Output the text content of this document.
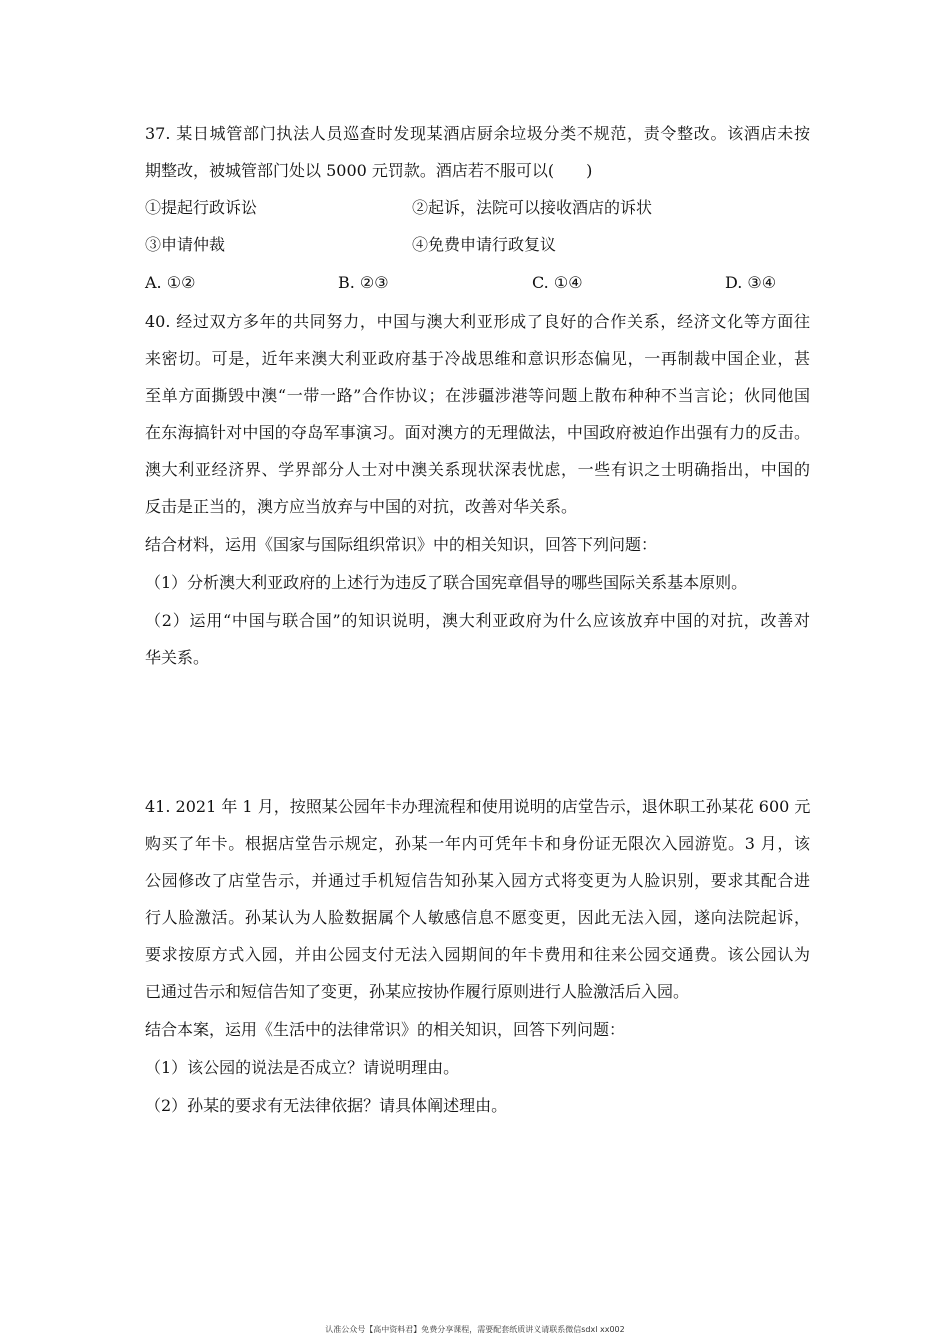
37. 某日城管部门执法人员巡查时发现某酒店厨余垃圾分类不规范，责令整改。该酒店未按
期整改，被城管部门处以 5000 元罚款。酒店若不服可以(　　)
①提起行政诉讼	②起诉，法院可以接收酒店的诉状
③申请仲裁	④免费申请行政复议
A. ①②	B. ②③	C. ①④	D. ③④
40. 经过双方多年的共同努力，中国与澳大利亚形成了良好的合作关系，经济文化等方面往
来密切。可是，近年来澳大利亚政府基于冷战思维和意识形态偏见，一再制裁中国企业，甚
至单方面撕毁中澳“一带一路”合作协议；在涉疆涉港等问题上散布种种不当言论；伙同他国
在东海搞针对中国的夺岛军事演习。面对澳方的无理做法，中国政府被迫作出强有力的反击。
澳大利亚经济界、学界部分人士对中澳关系现状深表忧虑，一些有识之士明确指出，中国的
反击是正当的，澳方应当放弃与中国的对抗，改善对华关系。
结合材料，运用《国家与国际组织常识》中的相关知识，回答下列问题：
（1）分析澳大利亚政府的上述行为违反了联合国宪章倡导的哪些国际关系基本原则。
（2）运用“中国与联合国”的知识说明，澳大利亚政府为什么应该放弃中国的对抗，改善对
华关系。
41. 2021 年 1 月，按照某公园年卡办理流程和使用说明的店堂告示，退休职工孙某花 600 元
购买了年卡。根据店堂告示规定，孙某一年内可凭年卡和身份证无限次入园游览。3 月，该
公园修改了店堂告示，并通过手机短信告知孙某入园方式将变更为人脸识别，要求其配合进
行人脸激活。孙某认为人脸数据属个人敏感信息不愿变更，因此无法入园，遂向法院起诉，
要求按原方式入园，并由公园支付无法入园期间的年卡费用和往来公园交通费。该公园认为
已通过告示和短信告知了变更，孙某应按协作履行原则进行人脸激活后入园。
结合本案，运用《生活中的法律常识》的相关知识，回答下列问题：
（1）该公园的说法是否成立？请说明理由。
（2）孙某的要求有无法律依据？请具体阐述理由。
认准公众号【高中资料君】免费分享课程，需要配套纸质讲义请联系微信sdxl xx002
